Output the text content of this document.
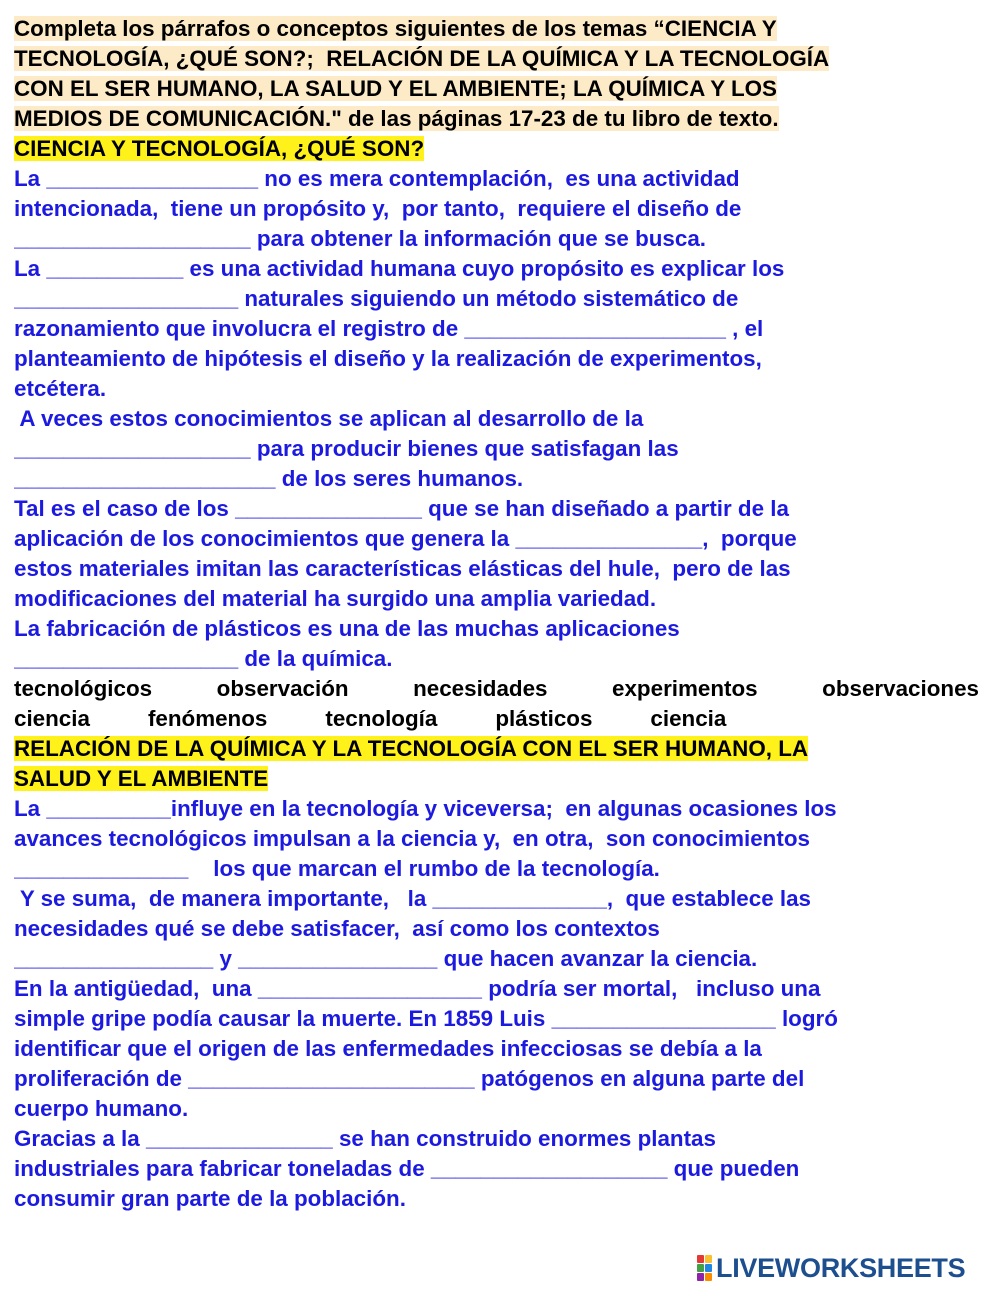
Completa los párrafos o conceptos siguientes de los temas “CIENCIA Y
TECNOLOGÍA, ¿QUÉ SON?;  RELACIÓN DE LA QUÍMICA Y LA TECNOLOGÍA
CON EL SER HUMANO, LA SALUD Y EL AMBIENTE; LA QUÍMICA Y LOS
MEDIOS DE COMUNICACIÓN." de las páginas 17-23 de tu libro de texto.
CIENCIA Y TECNOLOGÍA, ¿QUÉ SON?
La _________________ no es mera contemplación,  es una actividad
intencionada,  tiene un propósito y,  por tanto,  requiere el diseño de
___________________ para obtener la información que se busca.
La ___________ es una actividad humana cuyo propósito es explicar los
__________________ naturales siguiendo un método sistemático de
razonamiento que involucra el registro de _____________________ , el
planteamiento de hipótesis el diseño y la realización de experimentos,
etcétera.
A veces estos conocimientos se aplican al desarrollo de la
___________________ para producir bienes que satisfagan las
_____________________ de los seres humanos.
Tal es el caso de los _______________ que se han diseñado a partir de la
aplicación de los conocimientos que genera la _______________,  porque
estos materiales imitan las características elásticas del hule,  pero de las
modificaciones del material ha surgido una amplia variedad.
La fabricación de plásticos es una de las muchas aplicaciones
__________________ de la química.
tecnológicos	observación	necesidades	experimentos	observaciones
ciencia	fenómenos	tecnología	plásticos	ciencia
RELACIÓN DE LA QUÍMICA Y LA TECNOLOGÍA CON EL SER HUMANO, LA
SALUD Y EL AMBIENTE
La __________influye en la tecnología y viceversa;  en algunas ocasiones los
avances tecnológicos impulsan a la ciencia y,  en otra,  son conocimientos
______________    los que marcan el rumbo de la tecnología.
Y se suma,  de manera importante,   la ______________,  que establece las
necesidades qué se debe satisfacer,  así como los contextos
________________ y ________________ que hacen avanzar la ciencia.
En la antigüedad,  una __________________ podría ser mortal,   incluso una
simple gripe podía causar la muerte. En 1859 Luis __________________ logró
identificar que el origen de las enfermedades infecciosas se debía a la
proliferación de _______________________ patógenos en alguna parte del
cuerpo humano.
Gracias a la _______________ se han construido enormes plantas
industriales para fabricar toneladas de ___________________ que pueden
consumir gran parte de la población.
LIVEWORKSHEETS
